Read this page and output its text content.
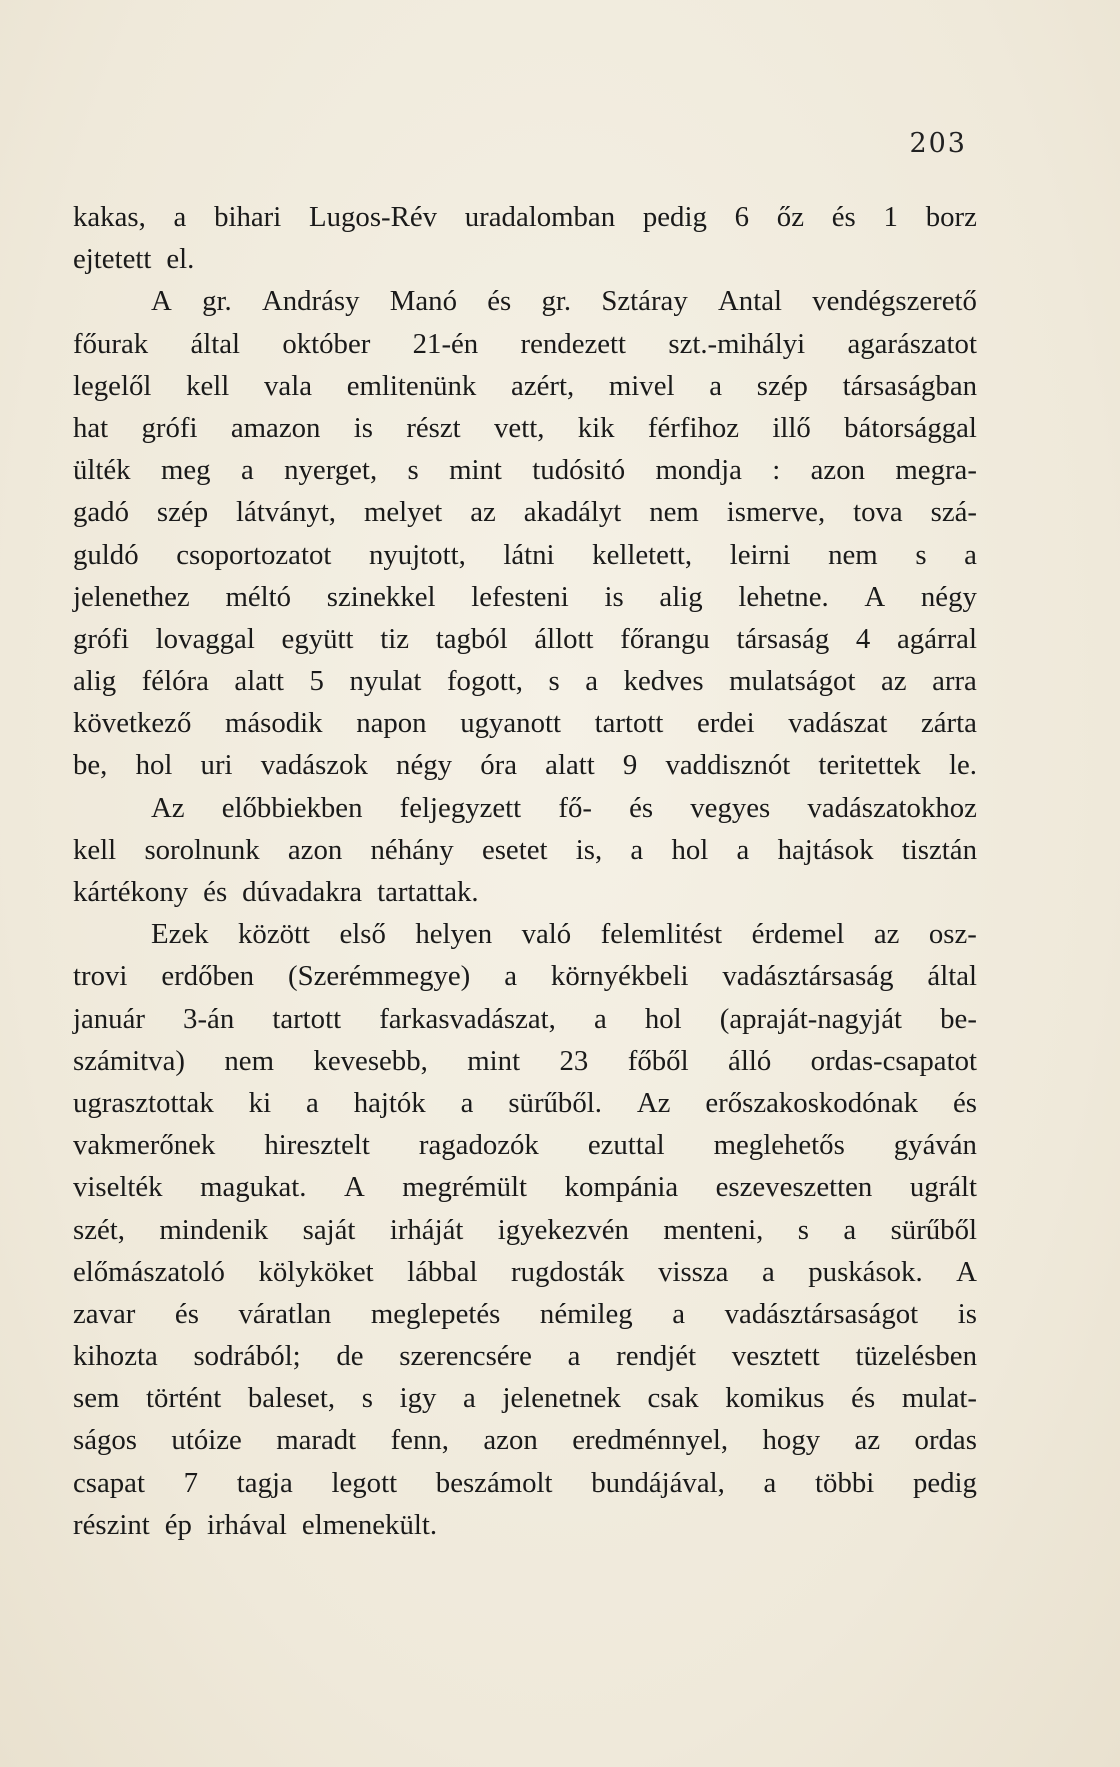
203
kakas, a bihari Lugos-Rév uradalomban pedig 6 őz és 1 borz
ejtetett el.
A gr. Andrásy Manó és gr. Sztáray Antal vendégszerető
főurak által október 21-én rendezett szt.-mihályi agarászatot
legelől kell vala emlitenünk azért, mivel a szép társaságban
hat grófi amazon is részt vett, kik férfihoz illő bátorsággal
ülték meg a nyerget, s mint tudósitó mondja : azon megra-
gadó szép látványt, melyet az akadályt nem ismerve, tova szá-
guldó csoportozatot nyujtott, látni kelletett, leirni nem s a
jelenethez méltó szinekkel lefesteni is alig lehetne. A négy
grófi lovaggal együtt tiz tagból állott főrangu társaság 4 agárral
alig félóra alatt 5 nyulat fogott, s a kedves mulatságot az arra
következő második napon ugyanott tartott erdei vadászat zárta
be, hol uri vadászok négy óra alatt 9 vaddisznót teritettek le.
Az előbbiekben feljegyzett fő- és vegyes vadászatokhoz
kell sorolnunk azon néhány esetet is, a hol a hajtások tisztán
kártékony és dúvadakra tartattak.
Ezek között első helyen való felemlitést érdemel az osz-
trovi erdőben (Szerémmegye) a környékbeli vadásztársaság által
január 3-án tartott farkasvadászat, a hol (apraját-nagyját be-
számitva) nem kevesebb, mint 23 főből álló ordas-csapatot
ugrasztottak ki a hajtók a sürűből. Az erőszakoskodónak és
vakmerőnek hiresztelt ragadozók ezuttal meglehetős gyáván
viselték magukat. A megrémült kompánia eszeveszetten ugrált
szét, mindenik saját irháját igyekezvén menteni, s a sürűből
előmászatoló kölyköket lábbal rugdosták vissza a puskások. A
zavar és váratlan meglepetés némileg a vadásztársaságot is
kihozta sodrából; de szerencsére a rendjét vesztett tüzelésben
sem történt baleset, s igy a jelenetnek csak komikus és mulat-
ságos utóize maradt fenn, azon eredménnyel, hogy az ordas
csapat 7 tagja legott beszámolt bundájával, a többi pedig
részint ép irhával elmenekült.
